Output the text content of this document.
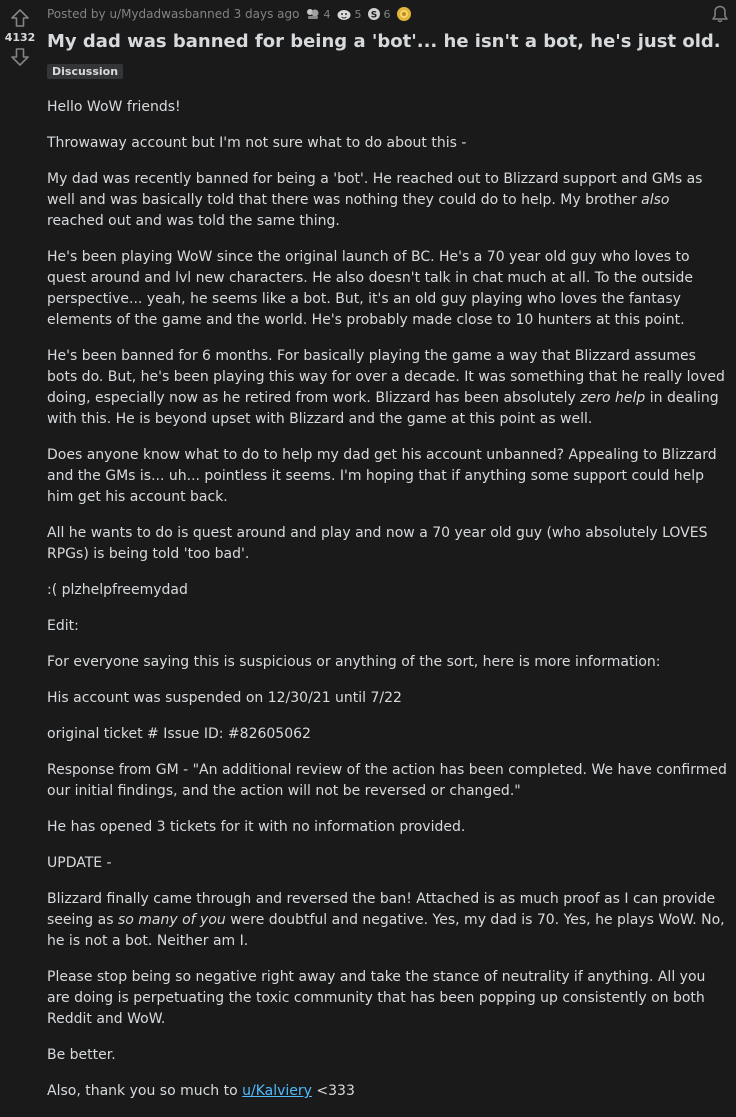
4132
Posted by u/Mydadwasbanned 3 days ago 4 5 S 6
My dad was banned for being a 'bot'... he isn't a bot, he's just old.
Discussion

Hello WoW friends!

Throwaway account but I'm not sure what to do about this -

My dad was recently banned for being a 'bot'. He reached out to Blizzard support and GMs as well and was basically told that there was nothing they could do to help. My brother also reached out and was told the same thing.

He's been playing WoW since the original launch of BC. He's a 70 year old guy who loves to quest around and lvl new characters. He also doesn't talk in chat much at all. To the outside perspective... yeah, he seems like a bot. But, it's an old guy playing who loves the fantasy elements of the game and the world. He's probably made close to 10 hunters at this point.

He's been banned for 6 months. For basically playing the game a way that Blizzard assumes bots do. But, he's been playing this way for over a decade. It was something that he really loved doing, especially now as he retired from work. Blizzard has been absolutely zero help in dealing with this. He is beyond upset with Blizzard and the game at this point as well.

Does anyone know what to do to help my dad get his account unbanned? Appealing to Blizzard and the GMs is... uh... pointless it seems. I'm hoping that if anything some support could help him get his account back.

All he wants to do is quest around and play and now a 70 year old guy (who absolutely LOVES RPGs) is being told 'too bad'.

:( plzhelpfreemydad

Edit:

For everyone saying this is suspicious or anything of the sort, here is more information:

His account was suspended on 12/30/21 until 7/22

original ticket # Issue ID: #82605062

Response from GM - "An additional review of the action has been completed. We have confirmed our initial findings, and the action will not be reversed or changed."

He has opened 3 tickets for it with no information provided.

UPDATE -

Blizzard finally came through and reversed the ban! Attached is as much proof as I can provide seeing as so many of you were doubtful and negative. Yes, my dad is 70. Yes, he plays WoW. No, he is not a bot. Neither am I.

Please stop being so negative right away and take the stance of neutrality if anything. All you are doing is perpetuating the toxic community that has been popping up consistently on both Reddit and WoW.

Be better.

Also, thank you so much to u/Kalviery <333
